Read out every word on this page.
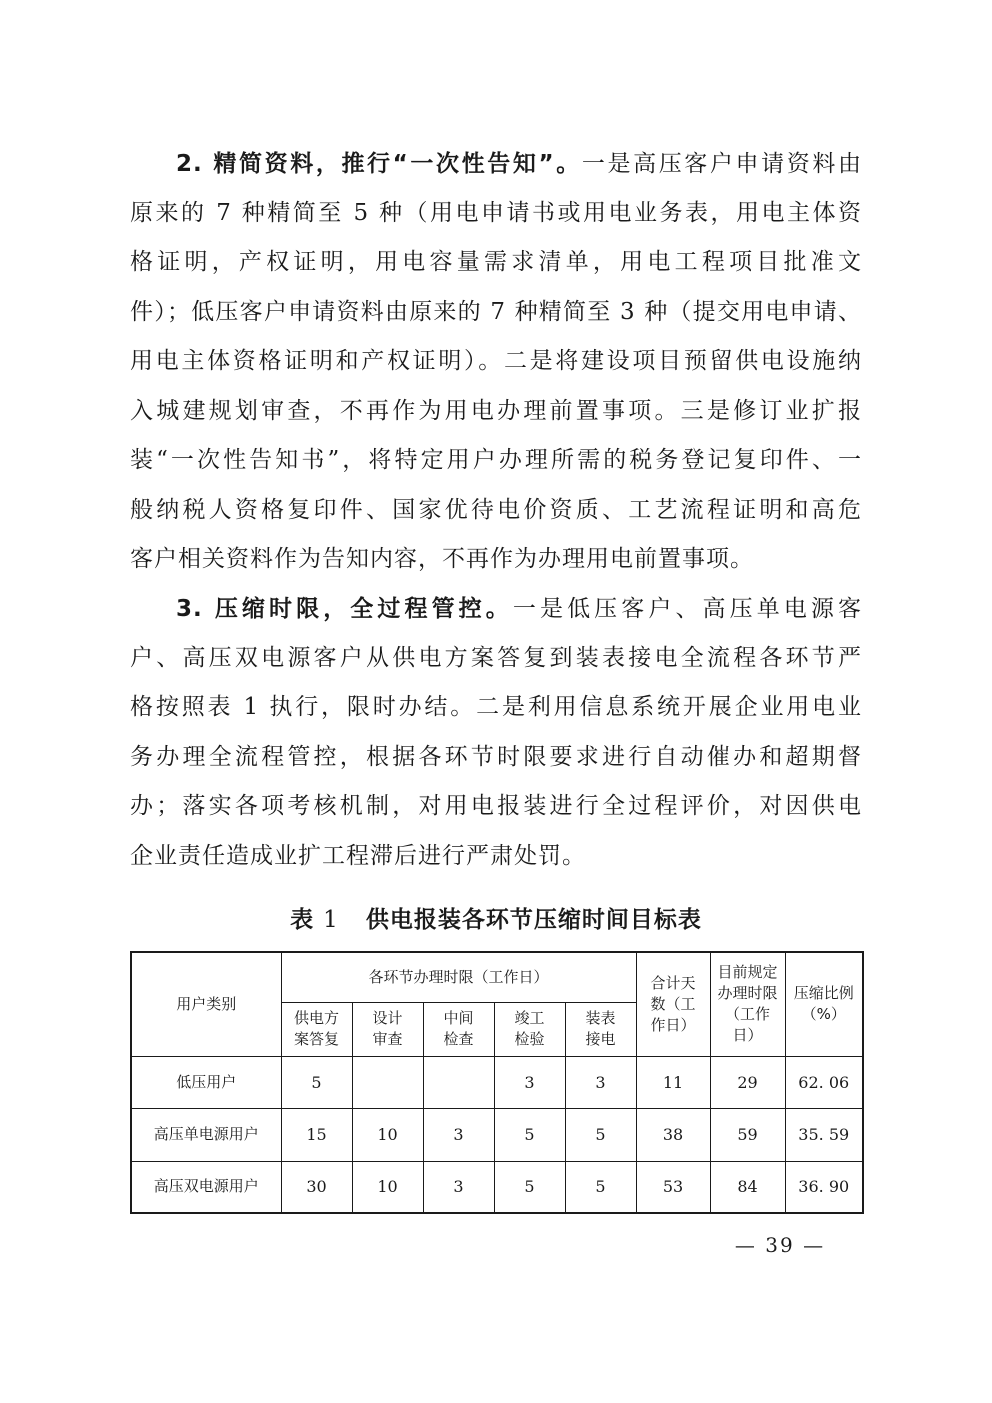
2. 精简资料，推行“一次性告知”。一是高压客户申请资料由
原来的 7 种精简至 5 种（用电申请书或用电业务表，用电主体资
格证明，产权证明，用电容量需求清单，用电工程项目批准文
件）；低压客户申请资料由原来的 7 种精简至 3 种（提交用电申请、
用电主体资格证明和产权证明）。二是将建设项目预留供电设施纳
入城建规划审查，不再作为用电办理前置事项。三是修订业扩报
装“一次性告知书”，将特定用户办理所需的税务登记复印件、一
般纳税人资格复印件、国家优待电价资质、工艺流程证明和高危
客户相关资料作为告知内容，不再作为办理用电前置事项。
3. 压缩时限，全过程管控。一是低压客户、高压单电源客
户、高压双电源客户从供电方案答复到装表接电全流程各环节严
格按照表 1 执行，限时办结。二是利用信息系统开展企业用电业
务办理全流程管控，根据各环节时限要求进行自动催办和超期督
办；落实各项考核机制，对用电报装进行全过程评价，对因供电
企业责任造成业扩工程滞后进行严肃处罚。
表 1 供电报装各环节压缩时间目标表
用户类别	各环节办理时限（工作日）					合计天数（工作日）	目前规定办理时限（工作日）	压缩比例（%）

	供电方案答复	设计审查	中间检查	竣工检验	装表接电			

低压用户	5			3	3	11	29	62. 06
高压单电源用户	15	10	3	5	5	38	59	35. 59
高压双电源用户	30	10	3	5	5	53	84	36. 90
— 39 —
